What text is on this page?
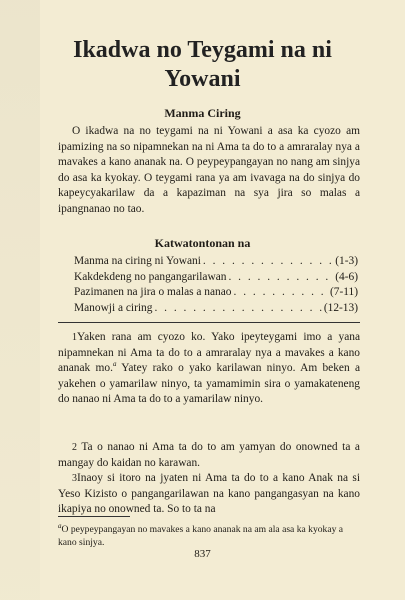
Ikadwa no Teygami na ni
Yowani
Manma Ciring

O ikadwa na no teygami na ni Yowani a asa ka cyozo am ipamizing na so nipamnekan na ni Ama ta do to a amraralay nya a mavakes a kano ananak na. O peypeypangayan no nang am sinjya do asa ka kyokay. O teygami rana ya am ivavaga na do sinjya do kapeycyakarilaw da a kapaziman na sya jira so malas a ipangnanao no tao.

Katwatontonan na
Manma na ciring ni Yowani . . .	(1-3)
Kakdekdeng no pangangarilawan . . .	(4-6)
Pazimanen na jira o malas a nanao . . .	(7-11)
Manowji a ciring . . .	(12-13)

1Yaken rana am cyozo ko. Yako ipeyteygami imo a yana nipamnekan ni Ama ta do to a amraralay nya a mavakes a kano ananak mo.$^a$ Yatey rako o yako karilawan ninyo. Am beken a yakehen o yamarilaw ninyo, ta yamamimin sira o yamakateneng do nanao ni Ama ta do to a yamarilaw ninyo.

2 Ta o nanao ni Ama ta do to am yamyan do onowned ta a mangay do kaidan no karawan.

3Inaoy si itoro na jyaten ni Ama ta do to a kano Anak na si Yeso Kizisto o pangangarilawan na kano pangangasyan na kano ikapiya no onowned ta. So to ta na

$^a$O peypeypangayan no mavakes a kano ananak na am ala asa ka kyokay a kano sinjya.

837
